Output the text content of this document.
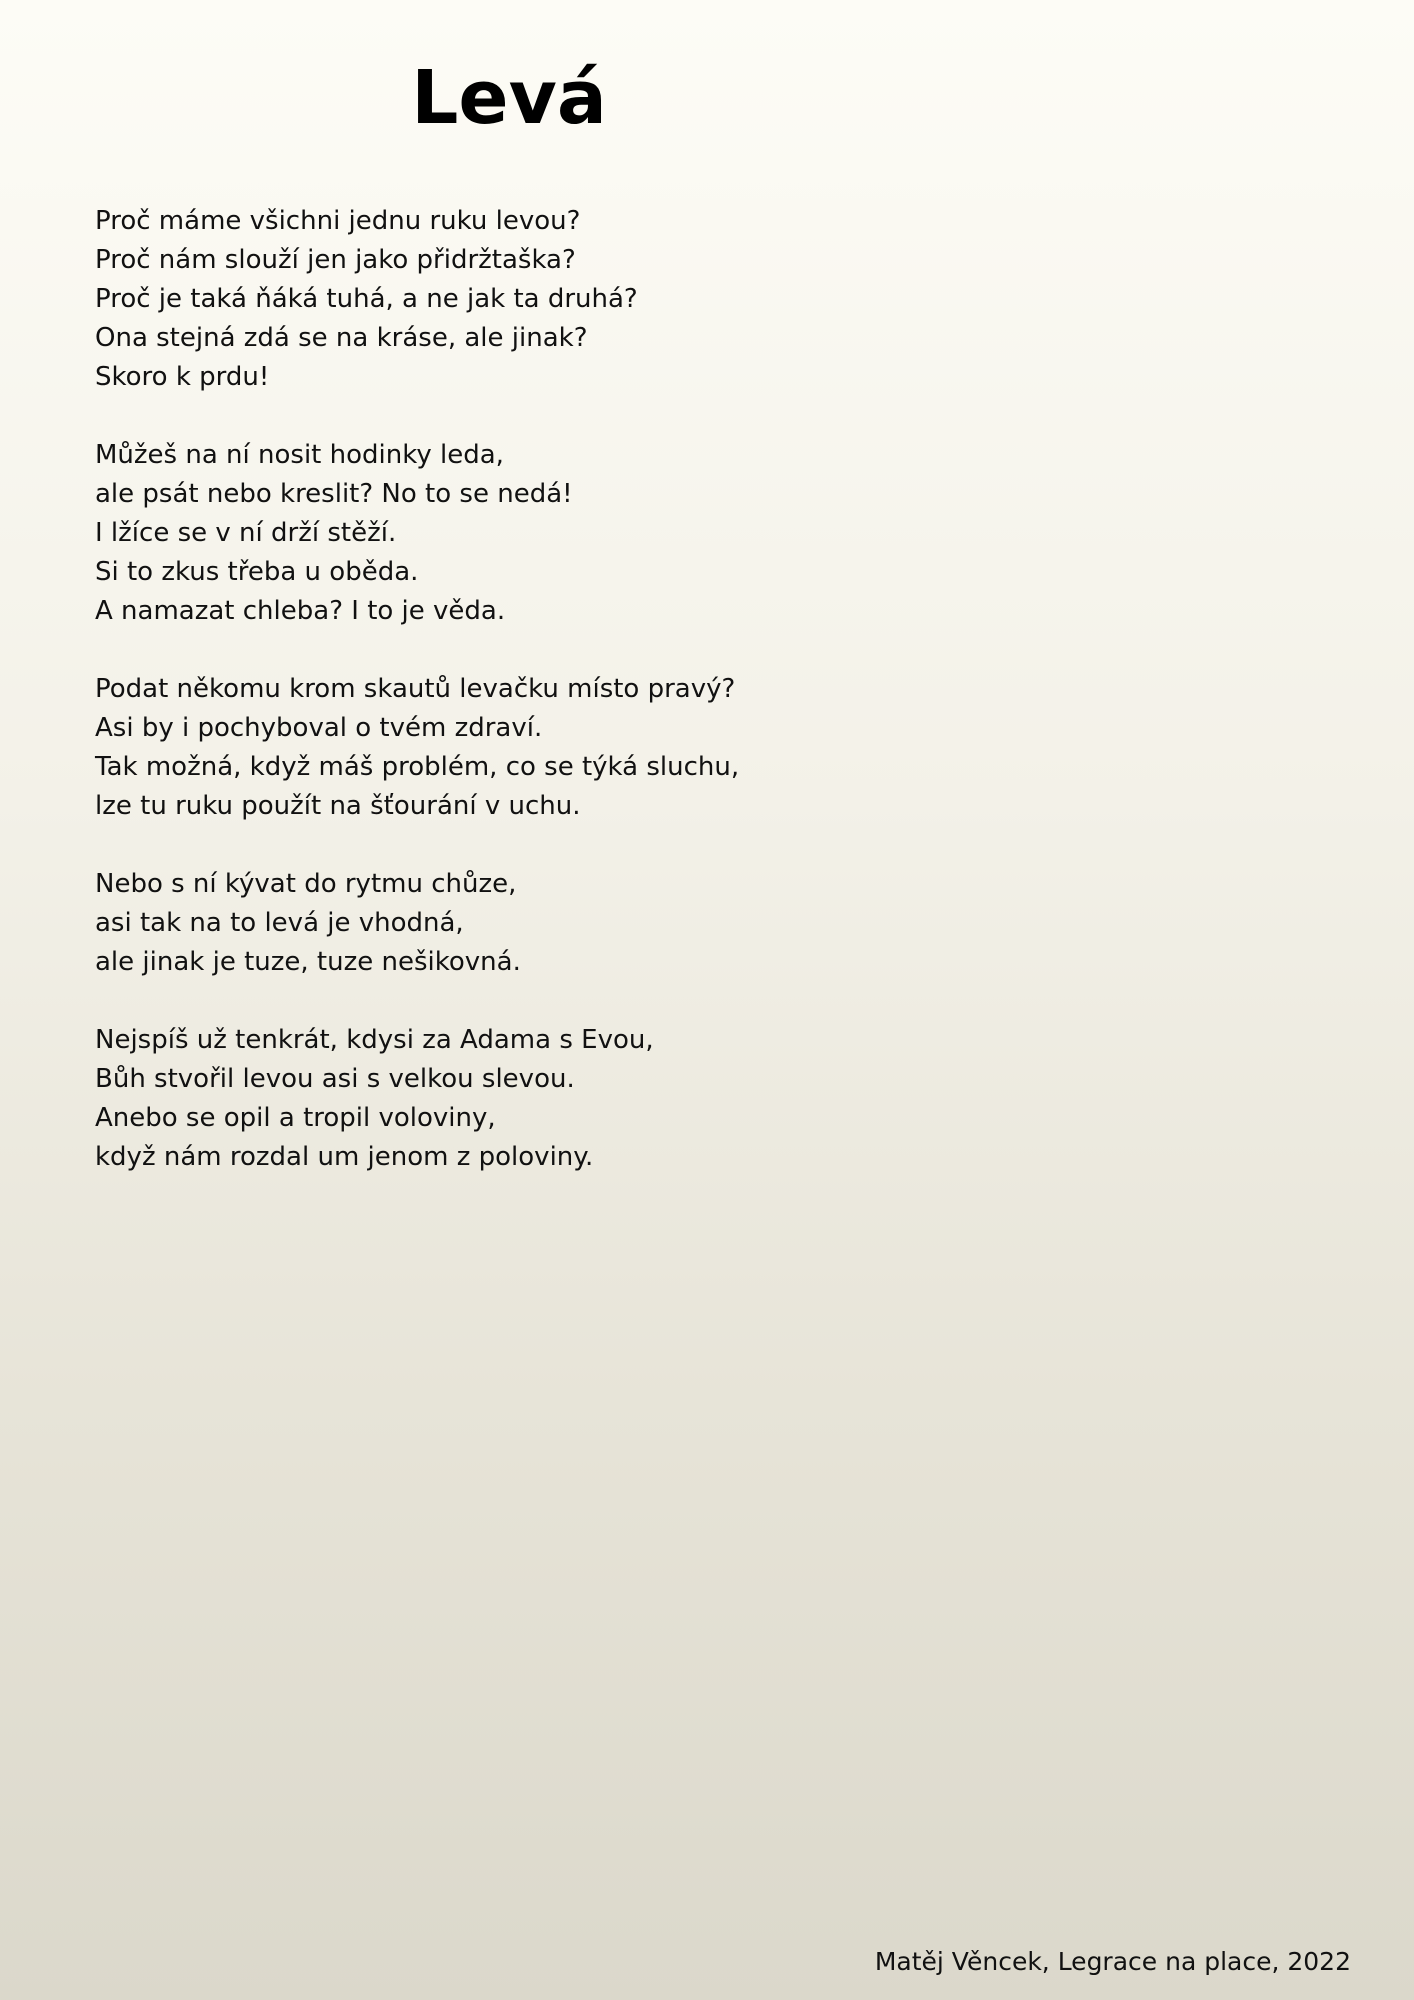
Levá
Proč máme všichni jednu ruku levou?
Proč nám slouží jen jako přidržtaška?
Proč je taká ňáká tuhá, a ne jak ta druhá?
Ona stejná zdá se na kráse, ale jinak?
Skoro k prdu!
Můžeš na ní nosit hodinky leda,
ale psát nebo kreslit? No to se nedá!
I lžíce se v ní drží stěží.
Si to zkus třeba u oběda.
A namazat chleba? I to je věda.
Podat někomu krom skautů levačku místo pravý?
Asi by i pochyboval o tvém zdraví.
Tak možná, když máš problém, co se týká sluchu,
lze tu ruku použít na šťourání v uchu.
Nebo s ní kývat do rytmu chůze,
asi tak na to levá je vhodná,
ale jinak je tuze, tuze nešikovná.
Nejspíš už tenkrát, kdysi za Adama s Evou,
Bůh stvořil levou asi s velkou slevou.
Anebo se opil a tropil voloviny,
když nám rozdal um jenom z poloviny.
Matěj Věncek, Legrace na place, 2022
